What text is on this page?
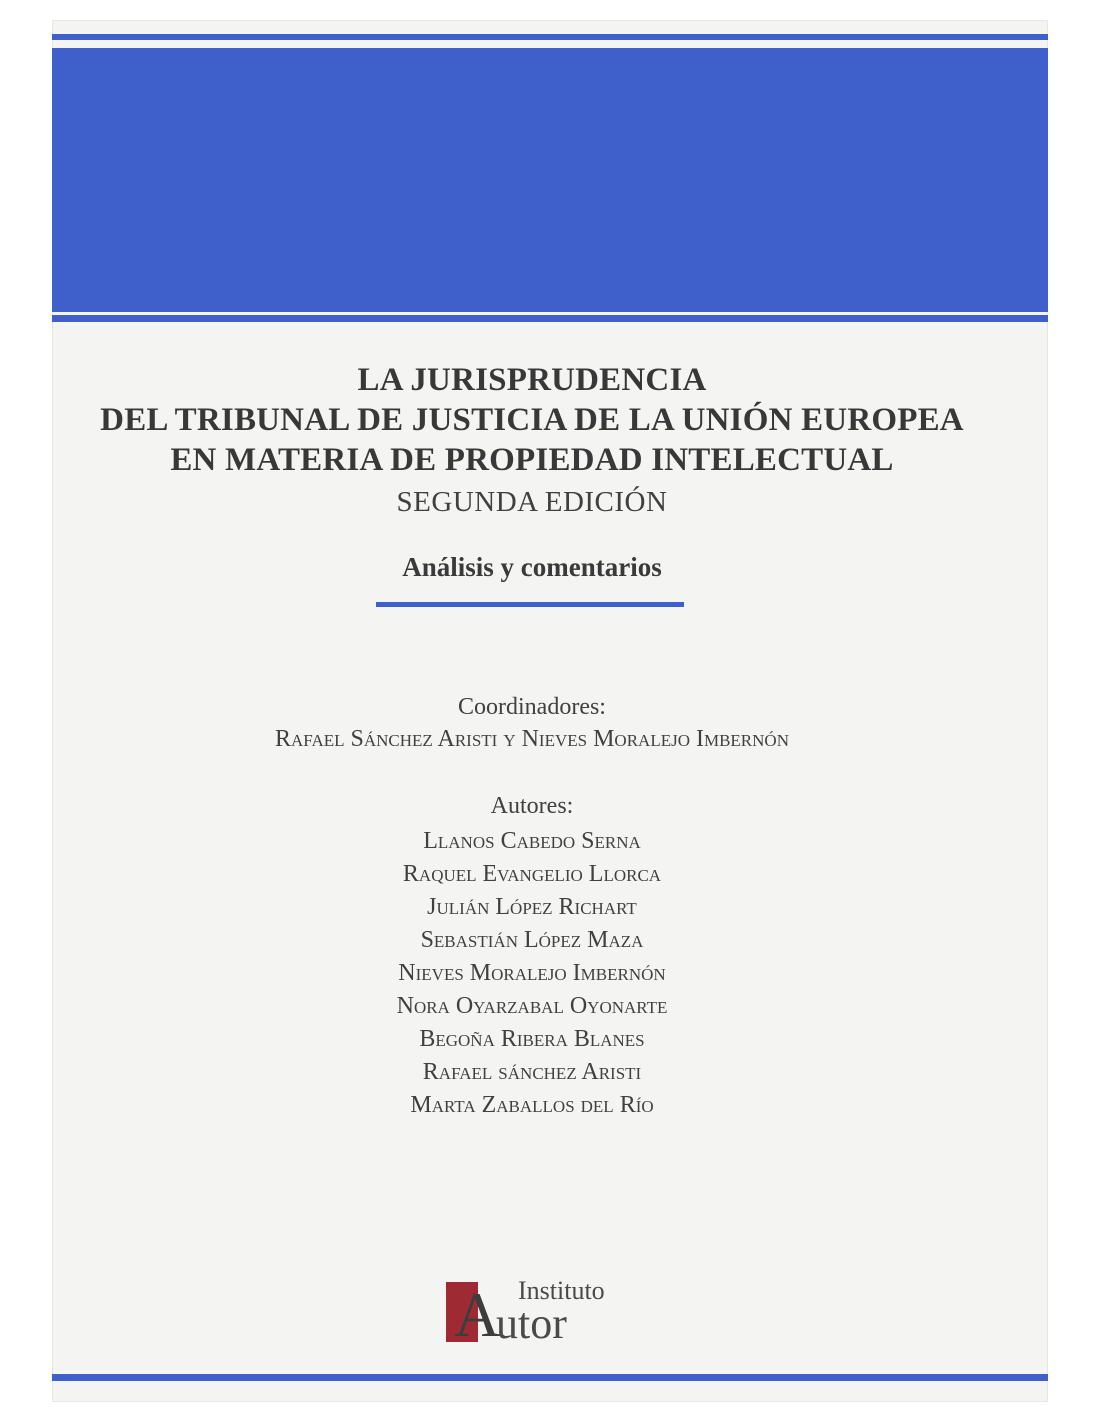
LA JURISPRUDENCIA
DEL TRIBUNAL DE JUSTICIA DE LA UNIÓN EUROPEA
EN MATERIA DE PROPIEDAD INTELECTUAL
SEGUNDA EDICIÓN
Análisis y comentarios
Coordinadores:
Rafael Sánchez Aristi y Nieves Moralejo Imbernón
Autores:
Llanos Cabedo Serna
Raquel Evangelio Llorca
Julián López Richart
Sebastián López Maza
Nieves Moralejo Imbernón
Nora Oyarzabal Oyonarte
Begoña Ribera Blanes
Rafael sánchez Aristi
Marta Zaballos del Río
A Instituto
utor
